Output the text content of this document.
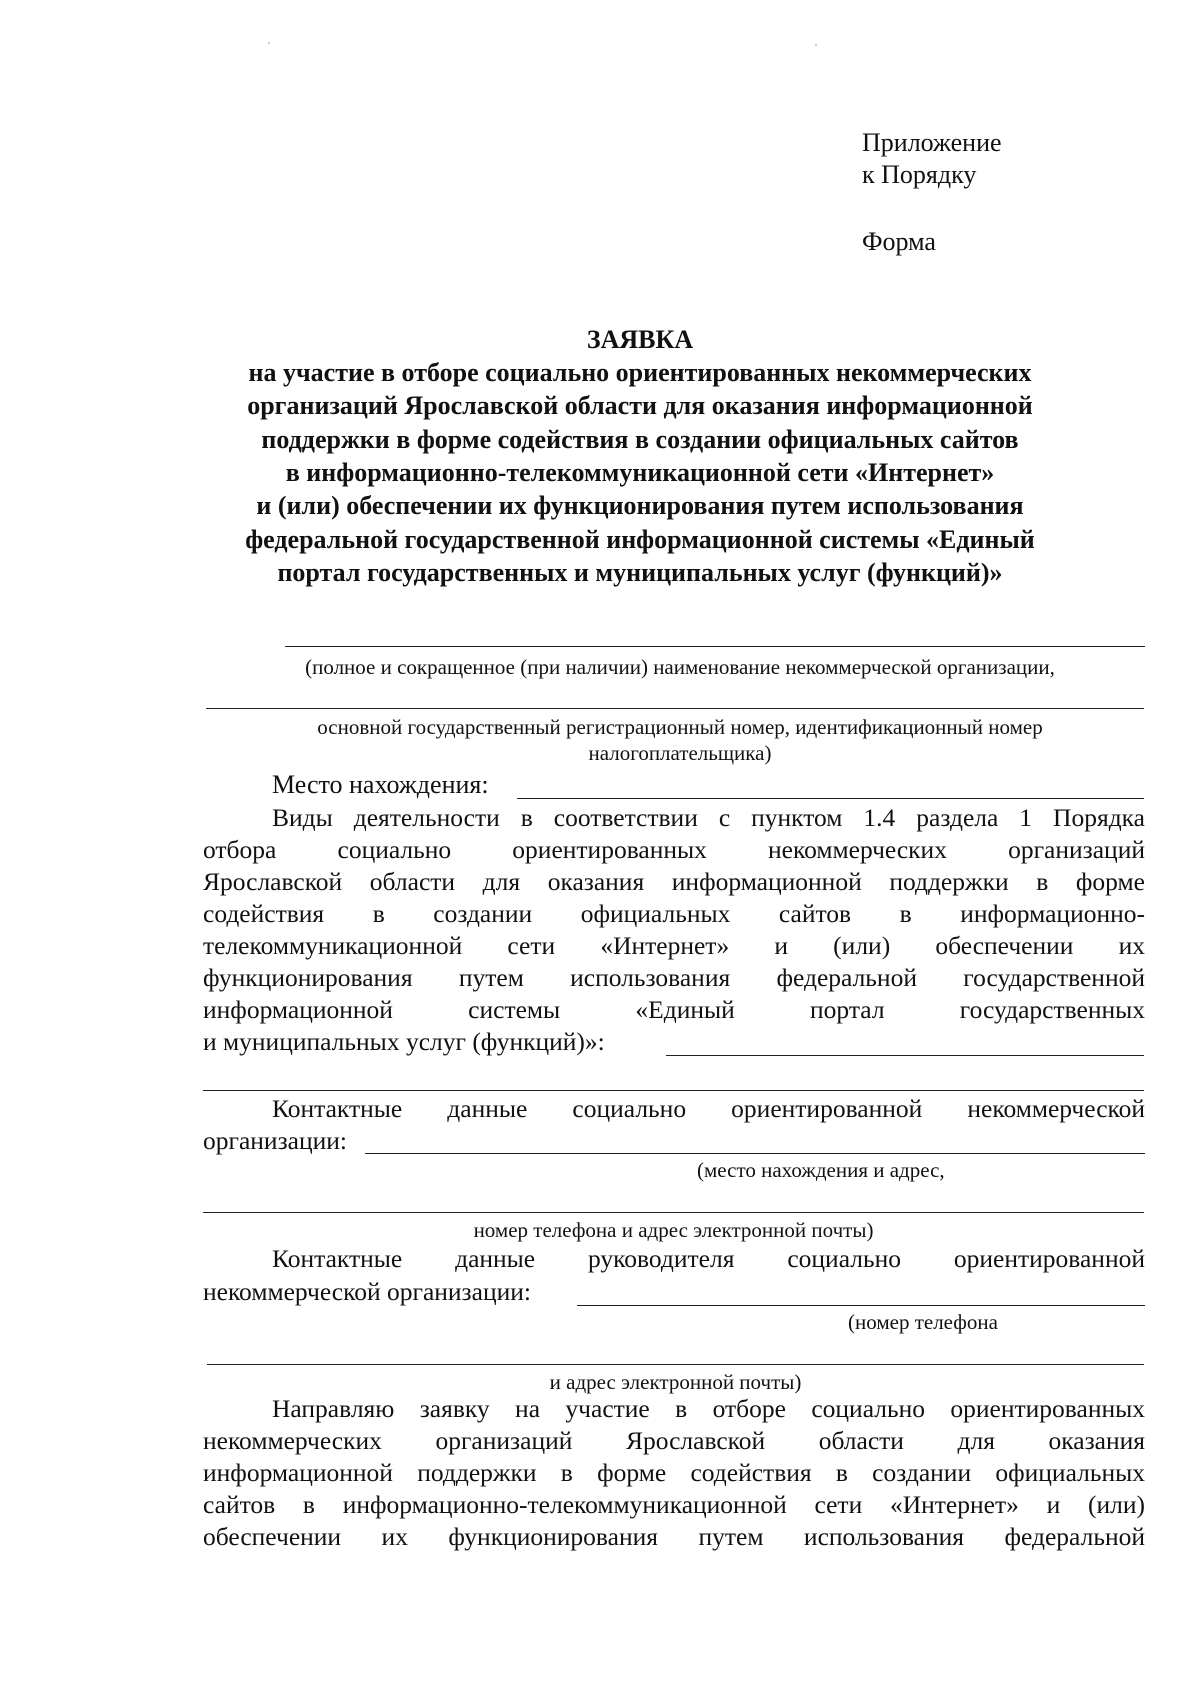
Приложение
к Порядку
Форма
ЗАЯВКА
на участие в отборе социально ориентированных некоммерческих
организаций Ярославской области для оказания информационной
поддержки в форме содействия в создании официальных сайтов
в информационно-телекоммуникационной сети «Интернет»
и (или) обеспечении их функционирования путем использования
федеральной государственной информационной системы «Единый
портал государственных и муниципальных услуг (функций)»
(полное и сокращенное (при наличии) наименование некоммерческой организации,
основной государственный регистрационный номер, идентификационный номер
налогоплательщика)
Место нахождения:
Виды деятельности в соответствии с пунктом 1.4 раздела 1 Порядка
отбора социально ориентированных некоммерческих организаций
Ярославской области для оказания информационной поддержки в форме
содействия в создании официальных сайтов в информационно-
телекоммуникационной сети «Интернет» и (или) обеспечении их
функционирования путем использования федеральной государственной
информационной системы «Единый портал государственных
и муниципальных услуг (функций)»:
Контактные данные социально ориентированной некоммерческой
организации:
(место нахождения и адрес,
номер телефона и адрес электронной почты)
Контактные данные руководителя социально ориентированной
некоммерческой организации:
(номер телефона
и адрес электронной почты)
Направляю заявку на участие в отборе социально ориентированных
некоммерческих организаций Ярославской области для оказания
информационной поддержки в форме содействия в создании официальных
сайтов в информационно-телекоммуникационной сети «Интернет» и (или)
обеспечении их функционирования путем использования федеральной
